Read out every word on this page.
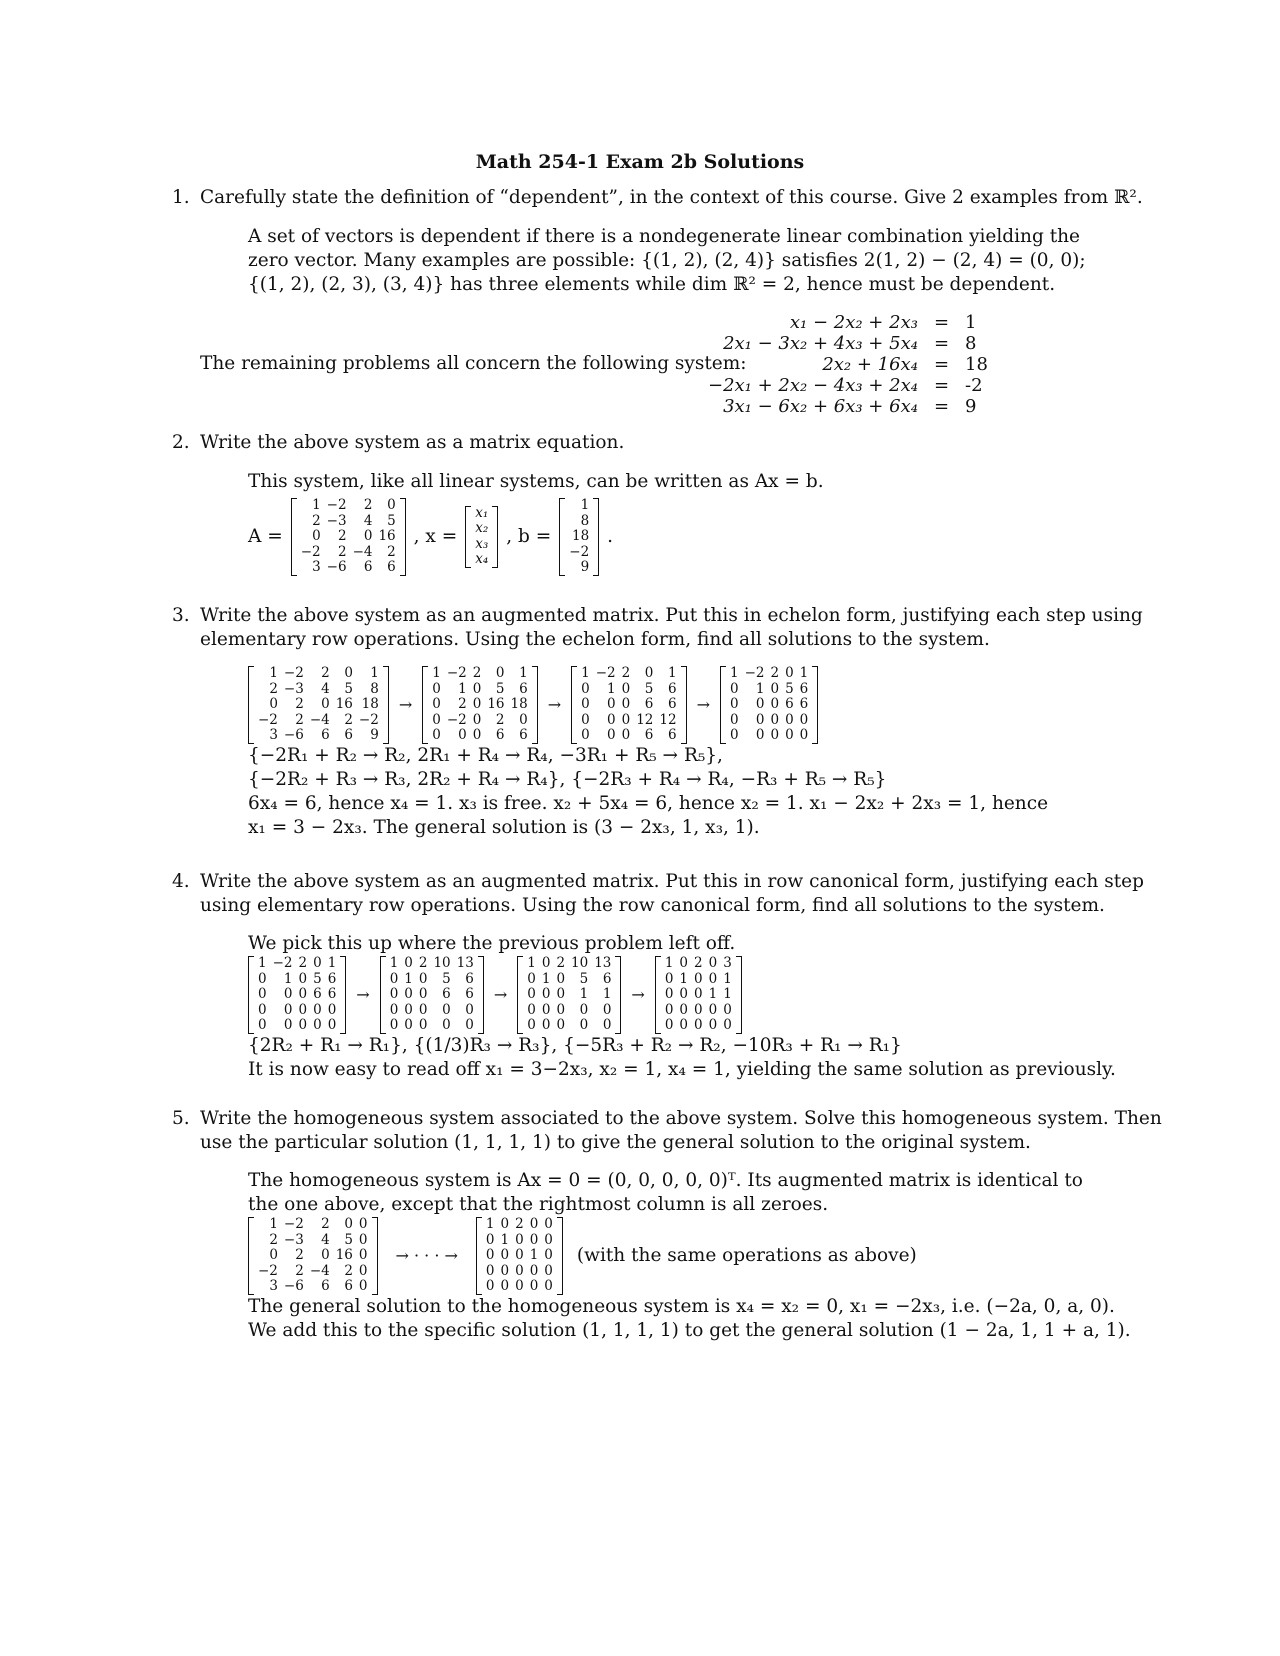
Math 254-1 Exam 2b Solutions
1. Carefully state the definition of “dependent”, in the context of this course. Give 2 examples from ℝ².
A set of vectors is dependent if there is a nondegenerate linear combination yielding the
zero vector. Many examples are possible: {(1, 2), (2, 4)} satisfies 2(1, 2) − (2, 4) = (0, 0);
{(1, 2), (2, 3), (3, 4)} has three elements while dim ℝ² = 2, hence must be dependent.
The remaining problems all concern the following system:
x₁ − 2x₂ + 2x₃	=	1
2x₁ − 3x₂ + 4x₃ + 5x₄	=	8
2x₂ + 16x₄	=	18
−2x₁ + 2x₂ − 4x₃ + 2x₄	=	-2
3x₁ − 6x₂ + 6x₃ + 6x₄	=	9
2. Write the above system as a matrix equation.
This system, like all linear systems, can be written as Ax = b.
A =
1	−2	2	0
2	−3	4	5
0	2	0	16
−2	2	−4	2
3	−6	6	6
, x =
x₁
x₂
x₃
x₄
, b =
1
8
18
−2
9
.
3. Write the above system as an augmented matrix. Put this in echelon form, justifying each step using
elementary row operations. Using the echelon form, find all solutions to the system.
1	−2	2	0	1
2	−3	4	5	8
0	2	0	16	18
−2	2	−4	2	−2
3	−6	6	6	9
→
1	−2	2	0	1
0	1	0	5	6
0	2	0	16	18
0	−2	0	2	0
0	0	0	6	6
→
1	−2	2	0	1
0	1	0	5	6
0	0	0	6	6
0	0	0	12	12
0	0	0	6	6
→
1	−2	2	0	1
0	1	0	5	6
0	0	0	6	6
0	0	0	0	0
0	0	0	0	0
{−2R₁ + R₂ → R₂, 2R₁ + R₄ → R₄, −3R₁ + R₅ → R₅},
{−2R₂ + R₃ → R₃, 2R₂ + R₄ → R₄}, {−2R₃ + R₄ → R₄, −R₃ + R₅ → R₅}
6x₄ = 6, hence x₄ = 1. x₃ is free. x₂ + 5x₄ = 6, hence x₂ = 1. x₁ − 2x₂ + 2x₃ = 1, hence
x₁ = 3 − 2x₃. The general solution is (3 − 2x₃, 1, x₃, 1).
4. Write the above system as an augmented matrix. Put this in row canonical form, justifying each step
using elementary row operations. Using the row canonical form, find all solutions to the system.
We pick this up where the previous problem left off.
1	−2	2	0	1
0	1	0	5	6
0	0	0	6	6
0	0	0	0	0
0	0	0	0	0
→
1	0	2	10	13
0	1	0	5	6
0	0	0	6	6
0	0	0	0	0
0	0	0	0	0
→
1	0	2	10	13
0	1	0	5	6
0	0	0	1	1
0	0	0	0	0
0	0	0	0	0
→
1	0	2	0	3
0	1	0	0	1
0	0	0	1	1
0	0	0	0	0
0	0	0	0	0
{2R₂ + R₁ → R₁}, {(1/3)R₃ → R₃}, {−5R₃ + R₂ → R₂, −10R₃ + R₁ → R₁}
It is now easy to read off x₁ = 3−2x₃, x₂ = 1, x₄ = 1, yielding the same solution as previously.
5. Write the homogeneous system associated to the above system. Solve this homogeneous system. Then
use the particular solution (1, 1, 1, 1) to give the general solution to the original system.
The homogeneous system is Ax = 0 = (0, 0, 0, 0, 0)ᵀ. Its augmented matrix is identical to
the one above, except that the rightmost column is all zeroes.
1	−2	2	0	0
2	−3	4	5	0
0	2	0	16	0
−2	2	−4	2	0
3	−6	6	6	0
→ · · · →
1	0	2	0	0
0	1	0	0	0
0	0	0	1	0
0	0	0	0	0
0	0	0	0	0
(with the same operations as above)
The general solution to the homogeneous system is x₄ = x₂ = 0, x₁ = −2x₃, i.e. (−2a, 0, a, 0).
We add this to the specific solution (1, 1, 1, 1) to get the general solution (1 − 2a, 1, 1 + a, 1).
